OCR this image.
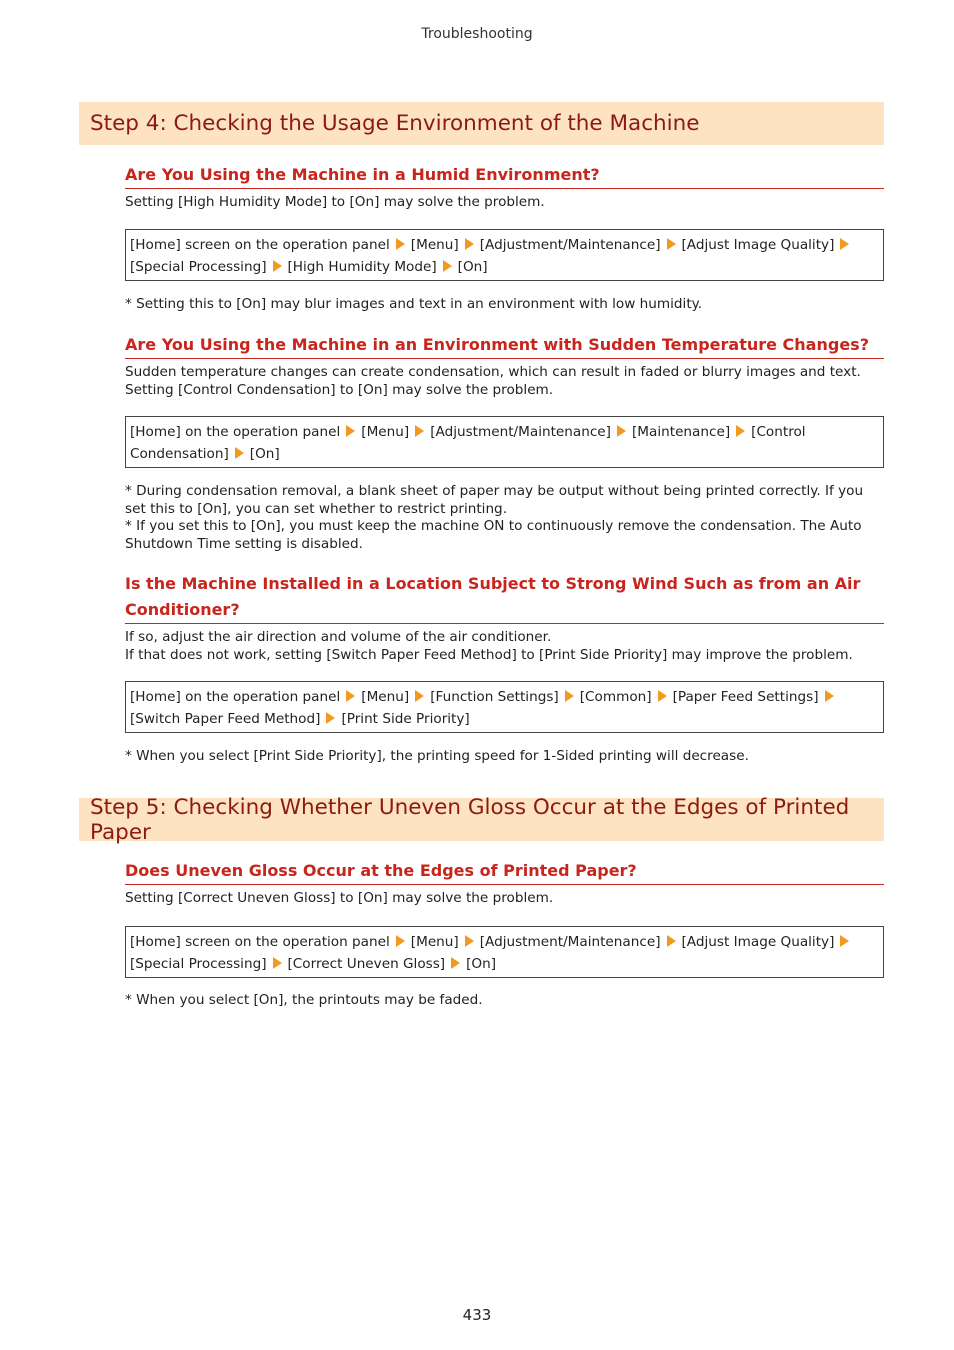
Troubleshooting
Step 4: Checking the Usage Environment of the Machine
Are You Using the Machine in a Humid Environment?
Setting [High Humidity Mode] to [On] may solve the problem.
[Home] screen on the operation panel [Menu] [Adjustment/Maintenance] [Adjust Image Quality]
[Special Processing] [High Humidity Mode] [On]
* Setting this to [On] may blur images and text in an environment with low humidity.
Are You Using the Machine in an Environment with Sudden Temperature Changes?
Sudden temperature changes can create condensation, which can result in faded or blurry images and text.
Setting [Control Condensation] to [On] may solve the problem.
[Home] on the operation panel [Menu] [Adjustment/Maintenance] [Maintenance] [Control
Condensation] [On]
* During condensation removal, a blank sheet of paper may be output without being printed correctly. If you
set this to [On], you can set whether to restrict printing.
* If you set this to [On], you must keep the machine ON to continuously remove the condensation. The Auto
Shutdown Time setting is disabled.
Is the Machine Installed in a Location Subject to Strong Wind Such as from an Air
Conditioner?
If so, adjust the air direction and volume of the air conditioner.
If that does not work, setting [Switch Paper Feed Method] to [Print Side Priority] may improve the problem.
[Home] on the operation panel [Menu] [Function Settings] [Common] [Paper Feed Settings]
[Switch Paper Feed Method] [Print Side Priority]
* When you select [Print Side Priority], the printing speed for 1-Sided printing will decrease.
Step 5: Checking Whether Uneven Gloss Occur at the Edges of Printed Paper
Does Uneven Gloss Occur at the Edges of Printed Paper?
Setting [Correct Uneven Gloss] to [On] may solve the problem.
[Home] screen on the operation panel [Menu] [Adjustment/Maintenance] [Adjust Image Quality]
[Special Processing] [Correct Uneven Gloss] [On]
* When you select [On], the printouts may be faded.
433
